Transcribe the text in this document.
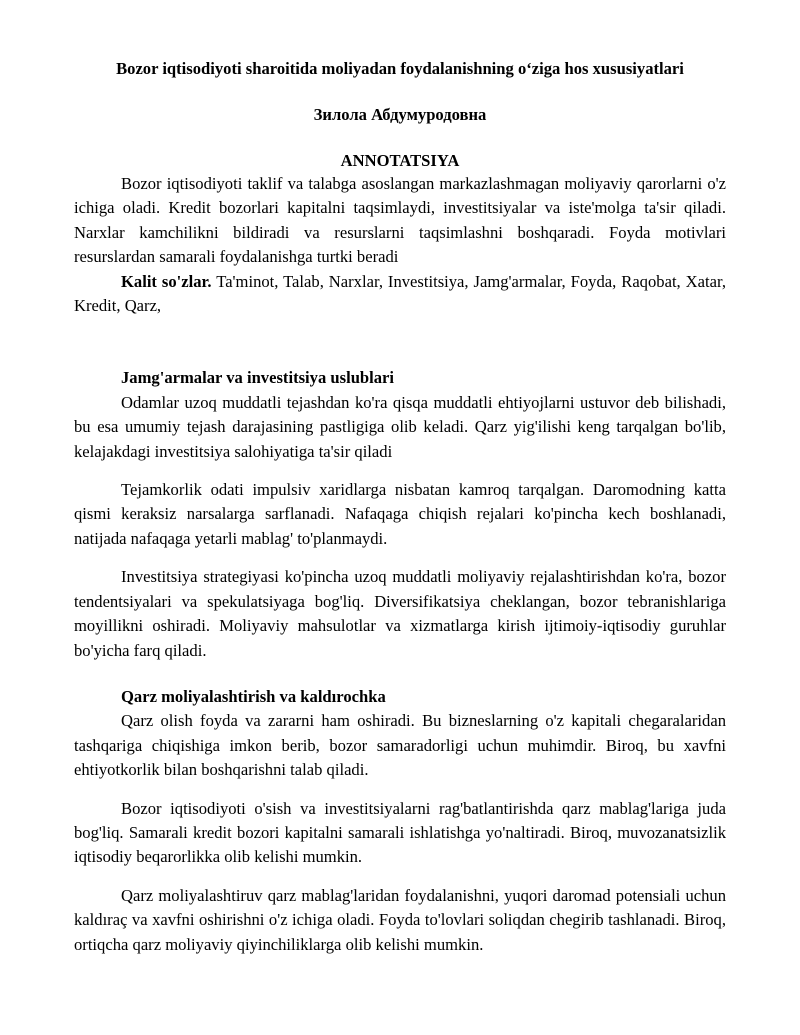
Bozor iqtisodiyoti sharoitida moliyadan foydalanishning o‘ziga hos xususiyatlari
Зилола Абдумуродовна
ANNOTATSIYA

Bozor iqtisodiyoti taklif va talabga asoslangan markazlashmagan moliyaviy qarorlarni o'z ichiga oladi. Kredit bozorlari kapitalni taqsimlaydi, investitsiyalar va iste'molga ta'sir qiladi. Narxlar kamchilikni bildiradi va resurslarni taqsimlashni boshqaradi. Foyda motivlari resurslardan samarali foydalanishga turtki beradi

Kalit so'zlar. Ta'minot, Talab, Narxlar, Investitsiya, Jamg'armalar, Foyda, Raqobat, Xatar, Kredit, Qarz,

Jamg'armalar va investitsiya uslublari

Odamlar uzoq muddatli tejashdan ko'ra qisqa muddatli ehtiyojlarni ustuvor deb bilishadi, bu esa umumiy tejash darajasining pastligiga olib keladi. Qarz yig'ilishi keng tarqalgan bo'lib, kelajakdagi investitsiya salohiyatiga ta'sir qiladi

Tejamkorlik odati impulsiv xaridlarga nisbatan kamroq tarqalgan. Daromodning katta qismi keraksiz narsalarga sarflanadi. Nafaqaga chiqish rejalari ko'pincha kech boshlanadi, natijada nafaqaga yetarli mablag' to'planmaydi.

Investitsiya strategiyasi ko'pincha uzoq muddatli moliyaviy rejalashtirishdan ko'ra, bozor tendentsiyalari va spekulatsiyaga bog'liq. Diversifikatsiya cheklangan, bozor tebranishlariga moyillikni oshiradi. Moliyaviy mahsulotlar va xizmatlarga kirish ijtimoiy-iqtisodiy guruhlar bo'yicha farq qiladi.

Qarz moliyalashtirish va kaldırochka

Qarz olish foyda va zararni ham oshiradi. Bu bizneslarning o'z kapitali chegaralaridan tashqariga chiqishiga imkon berib, bozor samaradorligi uchun muhimdir. Biroq, bu xavfni ehtiyotkorlik bilan boshqarishni talab qiladi.

Bozor iqtisodiyoti o'sish va investitsiyalarni rag'batlantirishda qarz mablag'lariga juda bog'liq. Samarali kredit bozori kapitalni samarali ishlatishga yo'naltiradi. Biroq, muvozanatsizlik iqtisodiy beqarorlikka olib kelishi mumkin.

Qarz moliyalashtiruv qarz mablag'laridan foydalanishni, yuqori daromad potensiali uchun kaldıraç va xavfni oshirishni o'z ichiga oladi. Foyda to'lovlari soliqdan chegirib tashlanadi. Biroq, ortiqcha qarz moliyaviy qiyinchiliklarga olib kelishi mumkin.
